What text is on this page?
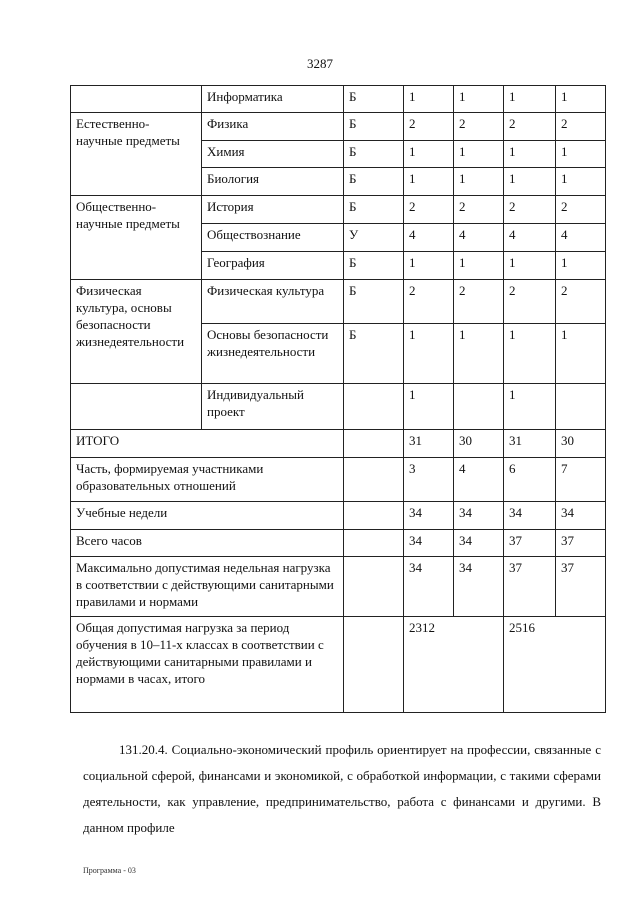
3287
	Информатика	Б	1	1	1	1
Естественно-научные предметы	Физика	Б	2	2	2	2
	Химия	Б	1	1	1	1
	Биология	Б	1	1	1	1
Общественно-научные предметы	История	Б	2	2	2	2
	Обществознание	У	4	4	4	4
	География	Б	1	1	1	1
Физическая культура, основы безопасности жизнедеятельности	Физическая культура	Б	2	2	2	2
	Основы безопасности жизнедеятельности	Б	1	1	1	1
	Индивидуальный проект		1		1	
ИТОГО			31	30	31	30
Часть, формируемая участниками образовательных отношений			3	4	6	7
Учебные недели			34	34	34	34
Всего часов			34	34	37	37
Максимально допустимая недельная нагрузка в соответствии с действующими санитарными правилами и нормами			34	34	37	37
Общая допустимая нагрузка за период обучения в 10–11-х классах в соответствии с действующими санитарными правилами и нормами в часах, итого			2312		2516	
131.20.4. Социально-экономический профиль ориентирует на профессии, связанные с социальной сферой, финансами и экономикой, с обработкой информации, с такими сферами деятельности, как управление, предпринимательство, работа с финансами и другими. В данном профиле
Программа - 03
